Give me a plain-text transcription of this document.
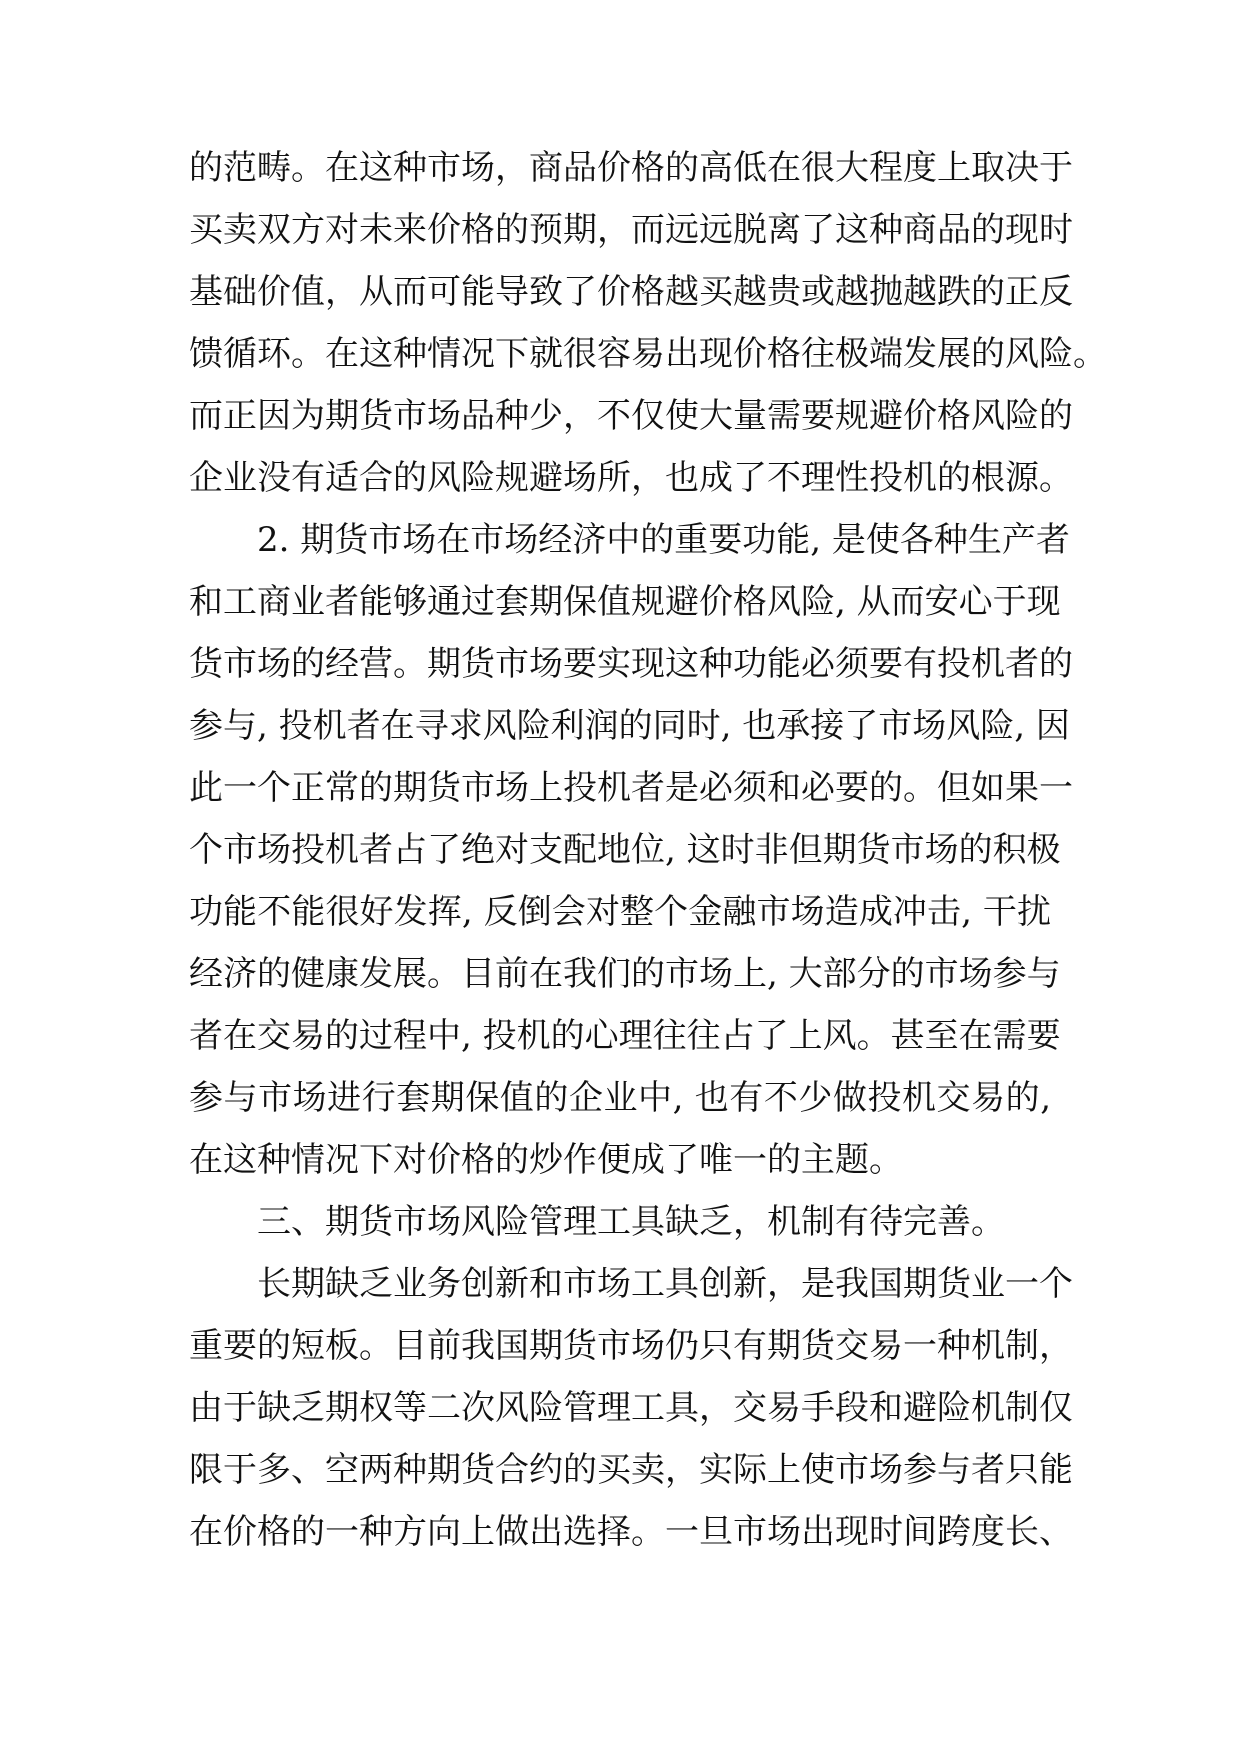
的范畴。在这种市场，商品价格的高低在很大程度上取决于
买卖双方对未来价格的预期，而远远脱离了这种商品的现时
基础价值，从而可能导致了价格越买越贵或越抛越跌的正反
馈循环。在这种情况下就很容易出现价格往极端发展的风险。
而正因为期货市场品种少，不仅使大量需要规避价格风险的
企业没有适合的风险规避场所，也成了不理性投机的根源。
2. 期货市场在市场经济中的重要功能, 是使各种生产者
和工商业者能够通过套期保值规避价格风险, 从而安心于现
货市场的经营。期货市场要实现这种功能必须要有投机者的
参与, 投机者在寻求风险利润的同时, 也承接了市场风险, 因
此一个正常的期货市场上投机者是必须和必要的。但如果一
个市场投机者占了绝对支配地位, 这时非但期货市场的积极
功能不能很好发挥, 反倒会对整个金融市场造成冲击, 干扰
经济的健康发展。目前在我们的市场上, 大部分的市场参与
者在交易的过程中, 投机的心理往往占了上风。甚至在需要
参与市场进行套期保值的企业中, 也有不少做投机交易的,
在这种情况下对价格的炒作便成了唯一的主题。
三、期货市场风险管理工具缺乏，机制有待完善。
长期缺乏业务创新和市场工具创新，是我国期货业一个
重要的短板。目前我国期货市场仍只有期货交易一种机制，
由于缺乏期权等二次风险管理工具，交易手段和避险机制仅
限于多、空两种期货合约的买卖，实际上使市场参与者只能
在价格的一种方向上做出选择。一旦市场出现时间跨度长、
